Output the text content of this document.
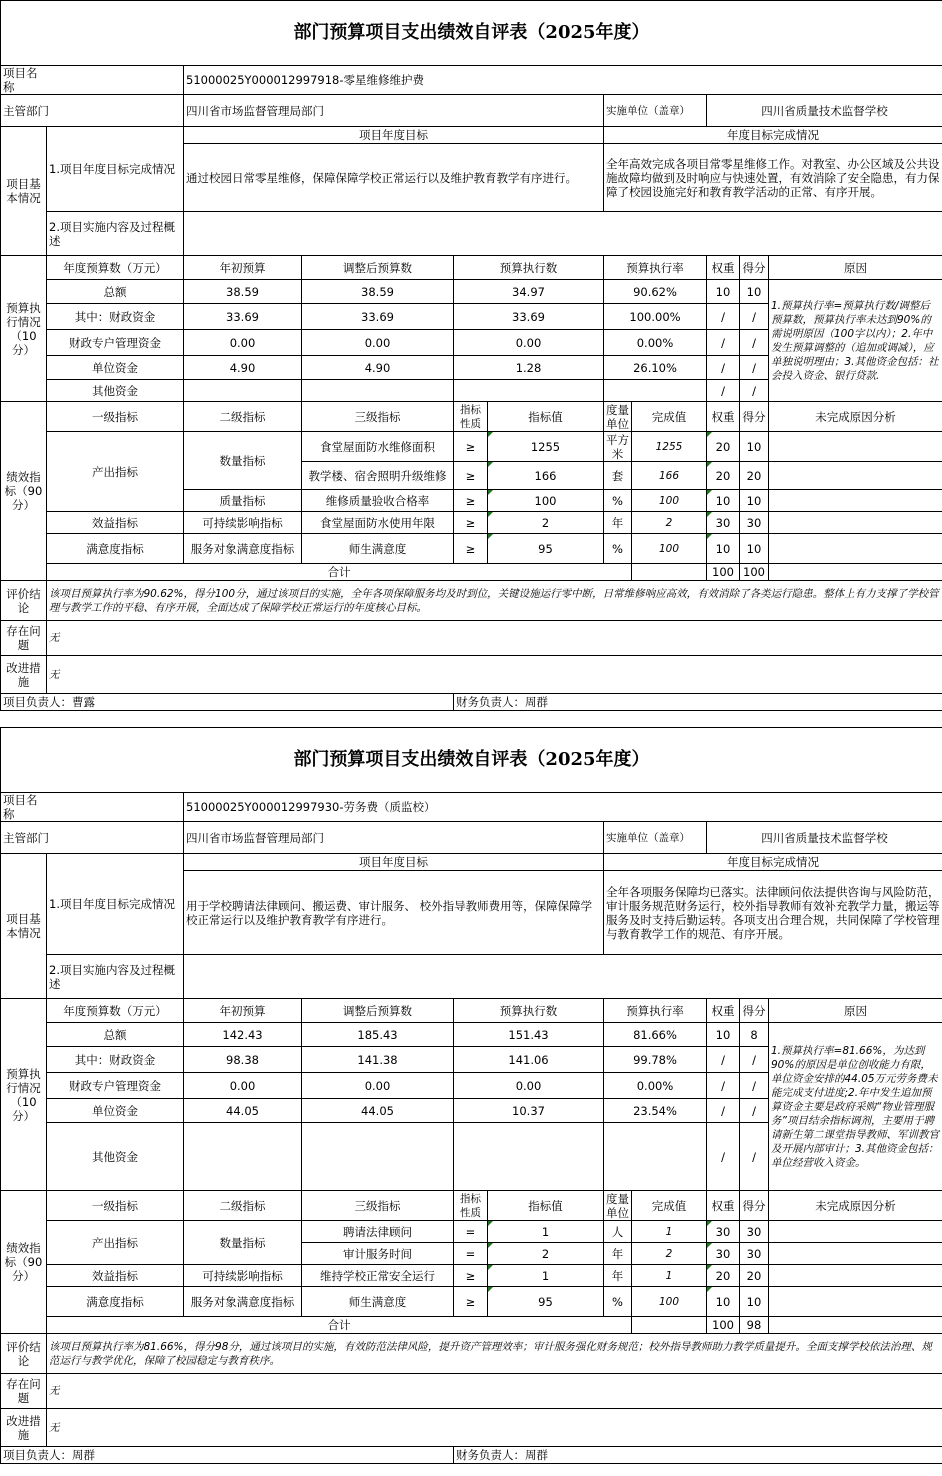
部门预算项目支出绩效自评表（2025年度）										
项目名称		51000025Y000012997918-零星维修维护费								
主管部门		四川省市场监督管理局部门				实施单位（盖章）		四川省质量技术监督学校		
项目基本情况	1.项目年度目标完成情况	项目年度目标				年度目标完成情况				
		通过校园日常零星维修，保障保障学校正常运行以及维护教育教学有序进行。				全年高效完成各项目常零星维修工作。对教室、办公区域及公共设施故障均做到及时响应与快速处置，有效消除了安全隐患，有力保障了校园设施完好和教育教学活动的正常、有序开展。				
	2.项目实施内容及过程概述									
预算执行情况（10分）	年度预算数（万元）	年初预算	调整后预算数	预算执行数		预算执行率		权重	得分	原因
	总额	38.59	38.59	34.97		90.62%		10	10	1.预算执行率=预算执行数/调整后预算数，预算执行率未达到90%的需说明原因（100字以内）；2.年中发生预算调整的（追加或调减），应单独说明理由；3.其他资金包括：社会投入资金、银行贷款.
	其中：财政资金	33.69	33.69	33.69		100.00%		/	/	
	财政专户管理资金	0.00	0.00	0.00		0.00%		/	/	
	单位资金	4.90	4.90	1.28		26.10%		/	/	
	其他资金							/	/	
绩效指标（90分）	一级指标	二级指标	三级指标	指标性质	指标值	度量单位	完成值	权重	得分	未完成原因分析
	产出指标	数量指标	食堂屋面防水维修面积	≥	1255	平方米	1255	20	10	
			教学楼、宿舍照明升级维修	≥	166	套	166	20	20	
		质量指标	维修质量验收合格率	≥	100	%	100	10	10	
	效益指标	可持续影响指标	食堂屋面防水使用年限	≥	2	年	2	30	30	
	满意度指标	服务对象满意度指标	师生满意度	≥	95	%	100	10	10	
	合计							100	100	
评价结论	该项目预算执行率为90.62%，得分100分，通过该项目的实施，全年各项保障服务均及时到位，关键设施运行零中断，日常维修响应高效，有效消除了各类运行隐患。整体上有力支撑了学校管理与教学工作的平稳、有序开展，全面达成了保障学校正常运行的年度核心目标。									
存在问题	无									
改进措施	无									
项目负责人：曹露				财务负责人：周群						

部门预算项目支出绩效自评表（2025年度）										
项目名称		51000025Y000012997930-劳务费（质监校）								
主管部门		四川省市场监督管理局部门				实施单位（盖章）		四川省质量技术监督学校		
项目基本情况	1.项目年度目标完成情况	项目年度目标				年度目标完成情况				
		用于学校聘请法律顾问、搬运费、审计服务、 校外指导教师费用等，保障保障学校正常运行以及维护教育教学有序进行。				全年各项服务保障均已落实。法律顾问依法提供咨询与风险防范，审计服务规范财务运行，校外指导教师有效补充教学力量，搬运等服务及时支持后勤运转。各项支出合理合规，共同保障了学校管理与教育教学工作的规范、有序开展。				
	2.项目实施内容及过程概述									
预算执行情况（10分）	年度预算数（万元）	年初预算	调整后预算数	预算执行数		预算执行率		权重	得分	原因
	总额	142.43	185.43	151.43		81.66%		10	8	1.预算执行率=81.66%，为达到90%的原因是单位创收能力有限，单位资金安排的44.05万元劳务费未能完成支付进度;2.年中发生追加预算资金主要是政府采购“物业管理服务”项目结余指标调剂，主要用于聘请新生第二课堂指导教师、军训教官及开展内部审计；3.其他资金包括：单位经营收入资金。
	其中：财政资金	98.38	141.38	141.06		99.78%		/	/	
	财政专户管理资金	0.00	0.00	0.00		0.00%		/	/	
	单位资金	44.05	44.05	10.37		23.54%		/	/	
	其他资金							/	/	
绩效指标（90分）	一级指标	二级指标	三级指标	指标性质	指标值	度量单位	完成值	权重	得分	未完成原因分析
	产出指标	数量指标	聘请法律顾问	=	1	人	1	30	30	
			审计服务时间	=	2	年	2	30	30	
	效益指标	可持续影响指标	维持学校正常安全运行	≥	1	年	1	20	20	
	满意度指标	服务对象满意度指标	师生满意度	≥	95	%	100	10	10	
	合计							100	98	
评价结论	该项目预算执行率为81.66%，得分98分，通过该项目的实施，有效防范法律风险，提升资产管理效率；审计服务强化财务规范；校外指导教师助力教学质量提升。全面支撑学校依法治理、规范运行与教学优化，保障了校园稳定与教育秩序。									
存在问题	无									
改进措施	无									
项目负责人：周群				财务负责人：周群						
